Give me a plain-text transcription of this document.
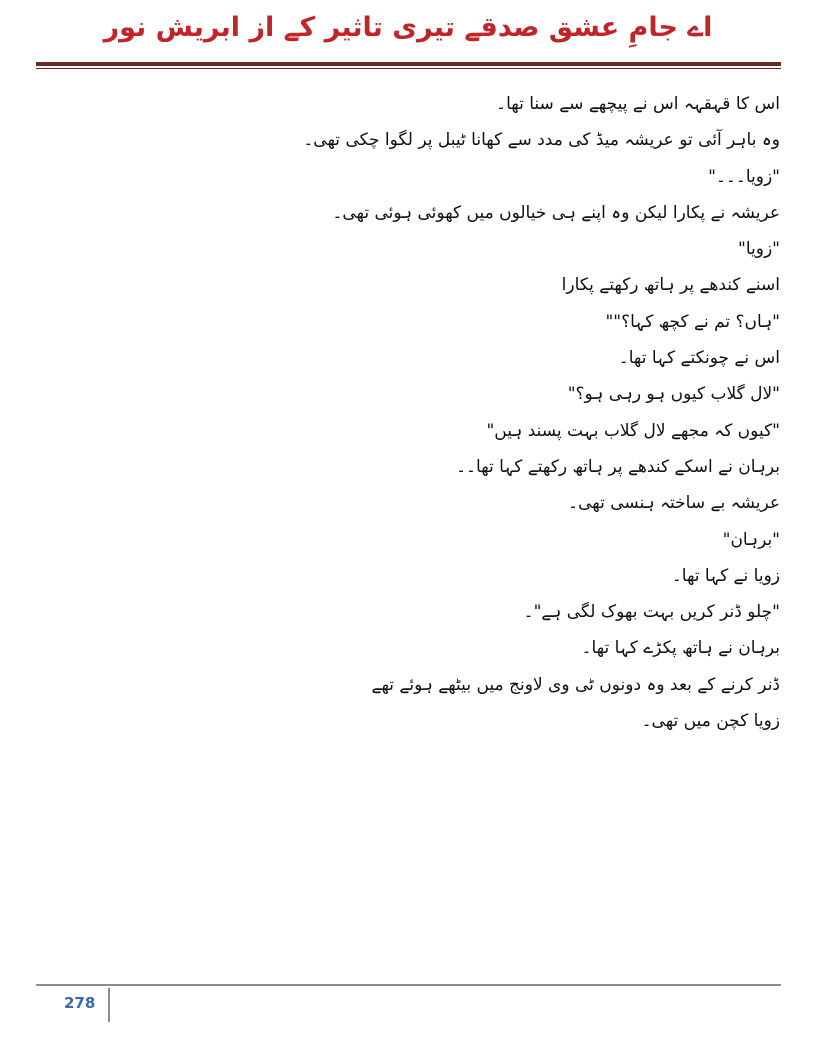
اے جامِ عشق صدقے تیری تاثیر کے از ابریش نور
اس کا قہقہہ اس نے پیچھے سے سنا تھا۔
وہ باہر آئی تو عریشہ میڈ کی مدد سے کھانا ٹیبل پر لگوا چکی تھی۔
"زویا۔۔۔"
عریشہ نے پکارا لیکن وہ اپنے ہی خیالوں میں کھوئی ہوئی تھی۔
"زویا"
اسنے کندھے پر ہاتھ رکھتے پکارا
"ہاں؟ تم نے کچھ کہا؟""
اس نے چونکتے کہا تھا۔
"لال گلاب کیوں ہو رہی ہو؟"
"کیوں کہ مجھے لال گلاب بہت پسند ہیں"
برہان نے اسکے کندھے پر ہاتھ رکھتے کہا تھا۔۔
عریشہ بے ساختہ ہنسی تھی۔
"برہان"
زویا نے کہا تھا۔
"چلو ڈنر کریں بہت بھوک لگی ہے"۔
برہان نے ہاتھ پکڑے کہا تھا۔
ڈنر کرنے کے بعد وہ دونوں ٹی وی لاونج میں بیٹھے ہوئے تھے
زویا کچن میں تھی۔
278
